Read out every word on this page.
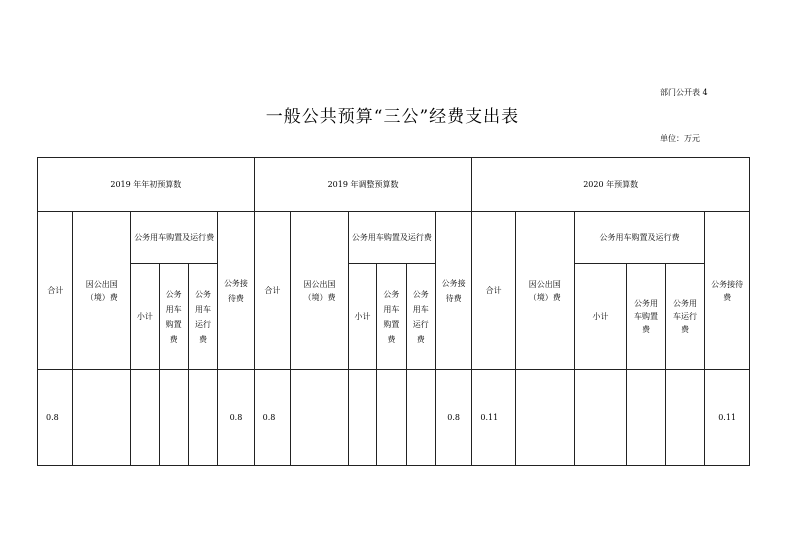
部门公开表 4
一般公共预算“三公”经费支出表
单位：万元
2019 年年初预算数						2019 年调整预算数						2020 年预算数					
合计	因公出国（境）费	公务用车购置及运行费			公务接待费	合计	因公出国（境）费	公务用车购置及运行费			公务接待费	合计	因公出国（境）费	公务用车购置及运行费			公务接待费
		小计	公务用车购置费	公务用车运行费				小计	公务用车购置费	公务用车运行费				小计	公务用车购置费	公务用车运行费	
0.8					0.8	0.8					0.8	0.11					0.11
